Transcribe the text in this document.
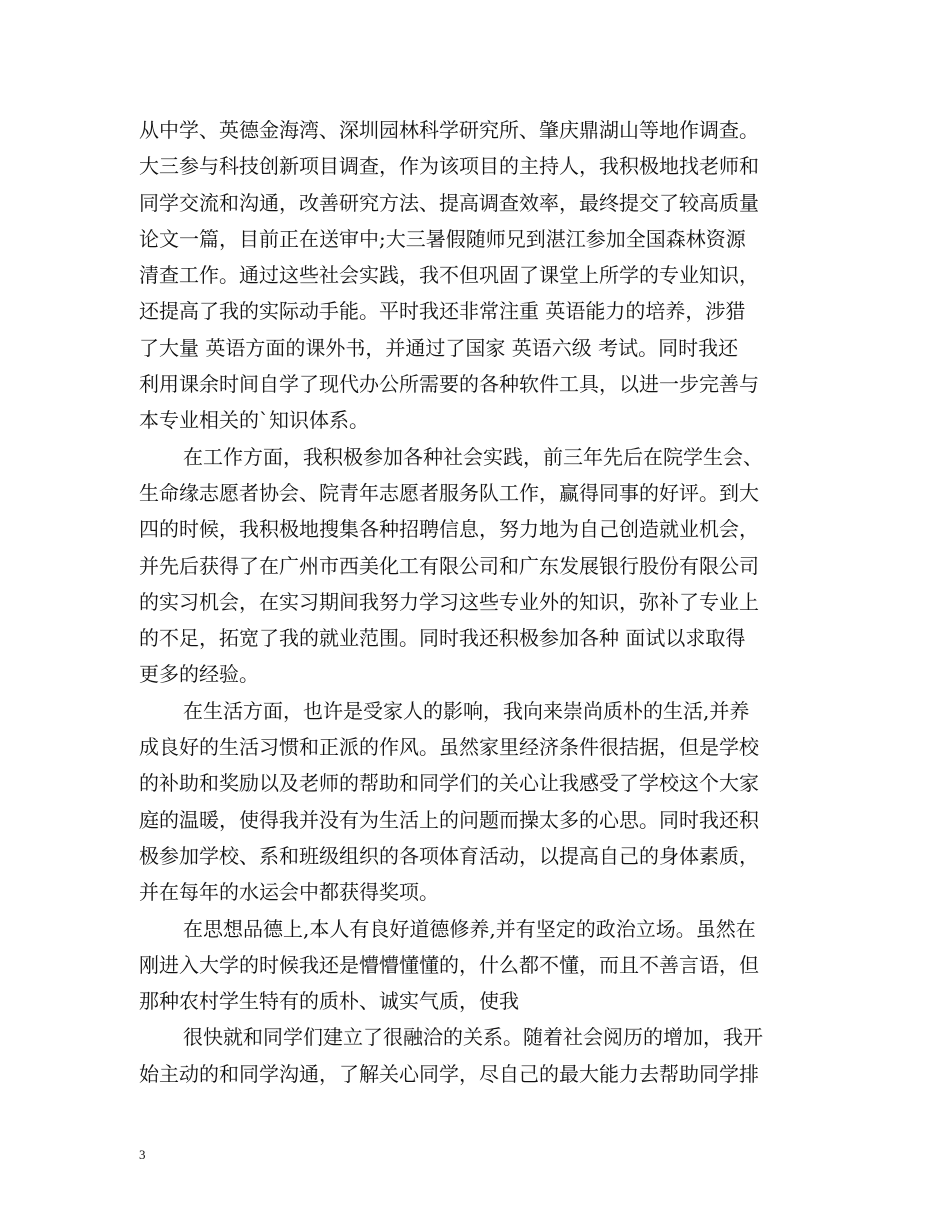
从中学、英德金海湾、深圳园林科学研究所、肇庆鼎湖山等地作调查。
大三参与科技创新项目调查，作为该项目的主持人，我积极地找老师和
同学交流和沟通，改善研究方法、提高调查效率，最终提交了较高质量
论文一篇，目前正在送审中;大三暑假随师兄到湛江参加全国森林资源
清查工作。通过这些社会实践，我不但巩固了课堂上所学的专业知识，
还提高了我的实际动手能。平时我还非常注重 英语能力的培养，涉猎
了大量 英语方面的课外书，并通过了国家 英语六级 考试。同时我还
利用课余时间自学了现代办公所需要的各种软件工具，以进一步完善与
本专业相关的`知识体系。
在工作方面，我积极参加各种社会实践，前三年先后在院学生会、
生命缘志愿者协会、院青年志愿者服务队工作，赢得同事的好评。到大
四的时候，我积极地搜集各种招聘信息，努力地为自己创造就业机会，
并先后获得了在广州市西美化工有限公司和广东发展银行股份有限公司
的实习机会，在实习期间我努力学习这些专业外的知识，弥补了专业上
的不足，拓宽了我的就业范围。同时我还积极参加各种 面试以求取得
更多的经验。
在生活方面，也许是受家人的影响，我向来崇尚质朴的生活,并养
成良好的生活习惯和正派的作风。虽然家里经济条件很拮据，但是学校
的补助和奖励以及老师的帮助和同学们的关心让我感受了学校这个大家
庭的温暖，使得我并没有为生活上的问题而操太多的心思。同时我还积
极参加学校、系和班级组织的各项体育活动，以提高自己的身体素质，
并在每年的水运会中都获得奖项。
在思想品德上,本人有良好道德修养,并有坚定的政治立场。虽然在
刚进入大学的时候我还是懵懵懂懂的，什么都不懂，而且不善言语，但
那种农村学生特有的质朴、诚实气质，使我
很快就和同学们建立了很融洽的关系。随着社会阅历的增加，我开
始主动的和同学沟通，了解关心同学，尽自己的最大能力去帮助同学排
3
